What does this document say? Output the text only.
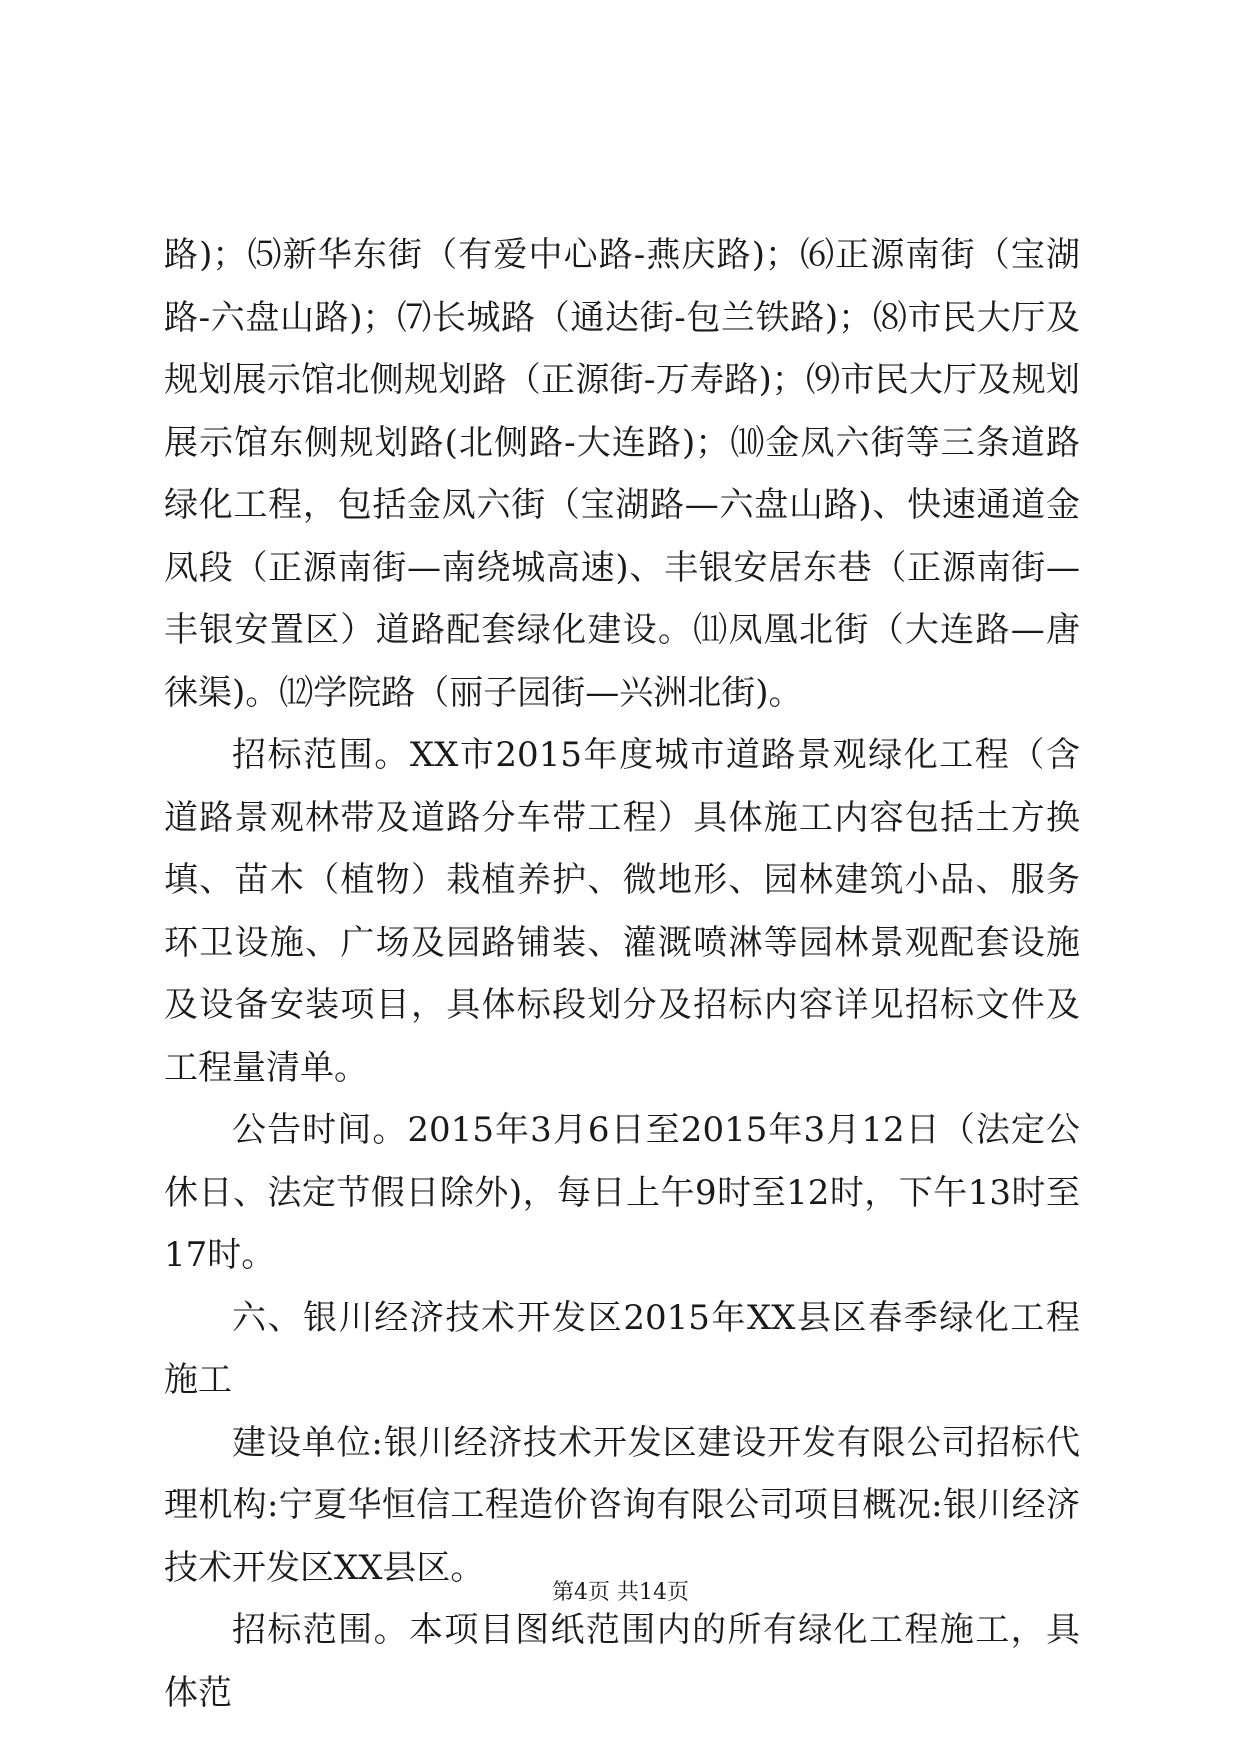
路)；⑸新华东街（有爱中心路-燕庆路)；⑹正源南街（宝湖路-六盘山路)；⑺长城路（通达街-包兰铁路)；⑻市民大厅及规划展示馆北侧规划路（正源街-万寿路)；⑼市民大厅及规划展示馆东侧规划路(北侧路-大连路)；⑽金凤六街等三条道路绿化工程，包括金凤六街（宝湖路—六盘山路)、快速通道金凤段（正源南街—南绕城高速)、丰银安居东巷（正源南街—丰银安置区）道路配套绿化建设。⑾凤凰北街（大连路—唐徕渠)。⑿学院路（丽子园街—兴洲北街)。

招标范围。XX市2015年度城市道路景观绿化工程（含道路景观林带及道路分车带工程）具体施工内容包括土方换填、苗木（植物）栽植养护、微地形、园林建筑小品、服务环卫设施、广场及园路铺装、灌溉喷淋等园林景观配套设施及设备安装项目，具体标段划分及招标内容详见招标文件及工程量清单。

公告时间。2015年3月6日至2015年3月12日（法定公休日、法定节假日除外)，每日上午9时至12时，下午13时至17时。

六、银川经济技术开发区2015年XX县区春季绿化工程施工

建设单位:银川经济技术开发区建设开发有限公司招标代理机构:宁夏华恒信工程造价咨询有限公司项目概况:银川经济技术开发区XX县区。

招标范围。本项目图纸范围内的所有绿化工程施工，具体范

第4页 共14页
